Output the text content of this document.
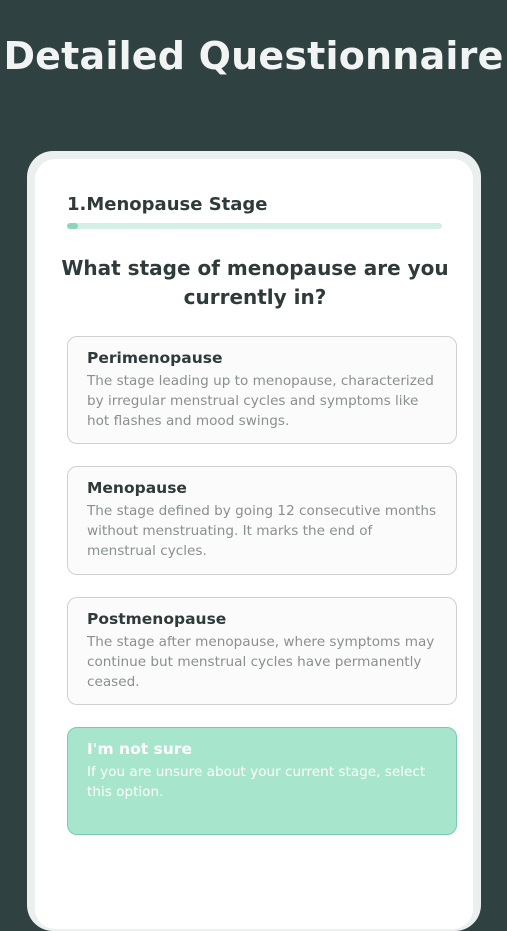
Detailed Questionnaire
1.Menopause Stage
What stage of menopause are you currently in?
Perimenopause
The stage leading up to menopause, characterized by irregular menstrual cycles and symptoms like hot flashes and mood swings.
Menopause
The stage defined by going 12 consecutive months without menstruating. It marks the end of menstrual cycles.
Postmenopause
The stage after menopause, where symptoms may continue but menstrual cycles have permanently ceased.
I'm not sure
If you are unsure about your current stage, select this option.
